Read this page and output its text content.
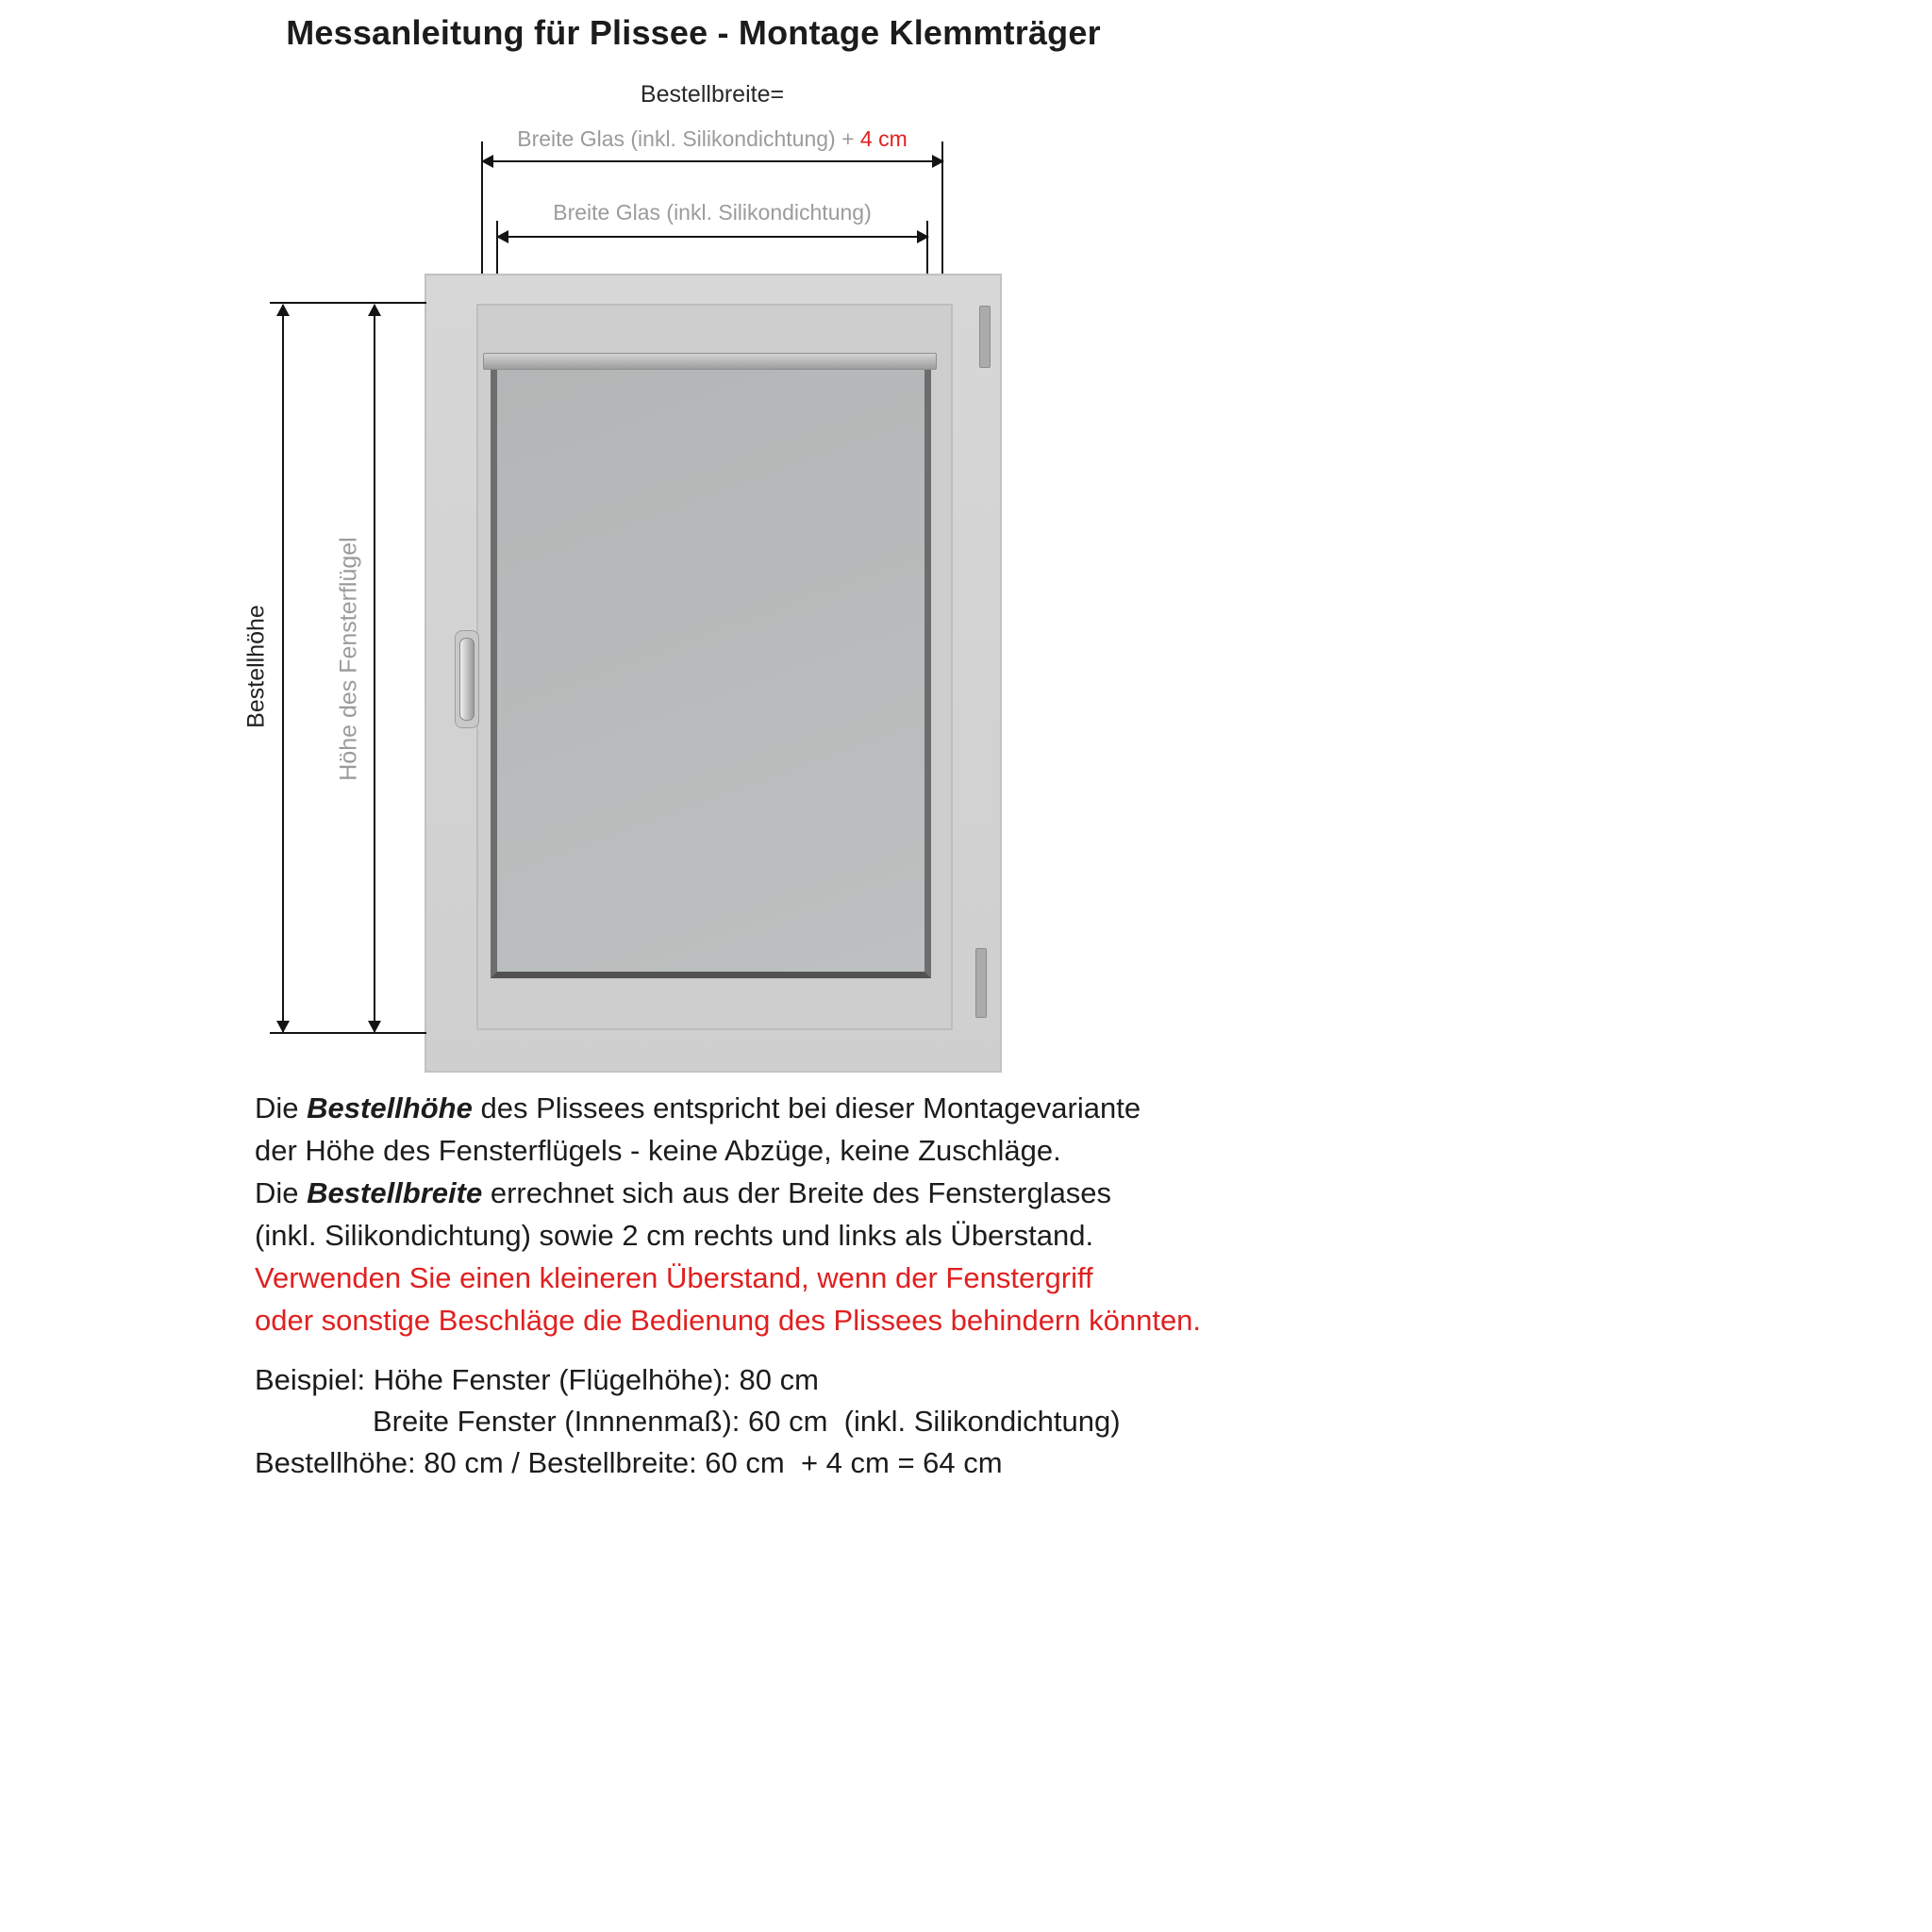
Messanleitung für Plissee - Montage Klemmträger
Bestellbreite=
Breite Glas (inkl. Silikondichtung) + 4 cm
Breite Glas (inkl. Silikondichtung)
Bestellhöhe	Höhe des Fensterflügel
Die Bestellhöhe des Plissees entspricht bei dieser Montagevariante
der Höhe des Fensterflügels - keine Abzüge, keine Zuschläge.
Die Bestellbreite errechnet sich aus der Breite des Fensterglases
(inkl. Silikondichtung) sowie 2 cm rechts und links als Überstand.
Verwenden Sie einen kleineren Überstand, wenn der Fenstergriff
oder sonstige Beschläge die Bedienung des Plissees behindern könnten.
Beispiel: Höhe Fenster (Flügelhöhe): 80 cm
Breite Fenster (Innnenmaß): 60 cm  (inkl. Silikondichtung)
Bestellhöhe: 80 cm / Bestellbreite: 60 cm  + 4 cm = 64 cm
